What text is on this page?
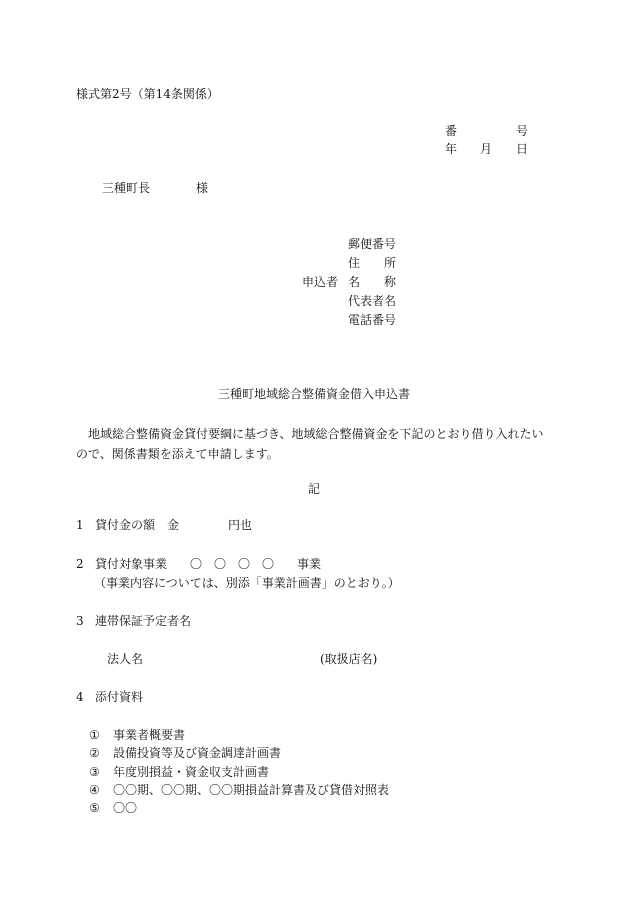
様式第2号（第14条関係）
番	号
年 月 日
三種町長	様
郵便番号
住 所
申込者 名 称
代表者名
電話番号
三種町地域総合整備資金借入申込書
地域総合整備資金貸付要綱に基づき、地域総合整備資金を下記のとおり借り入れたいので、関係書類を添えて申請します。
記
1 貸付金の額 金	円也
2 貸付対象事業 〇　〇　〇　〇 事業
（事業内容については、別添「事業計画書」のとおり。）
3 連帯保証予定者名
法人名	(取扱店名)
4 添付資料
① 事業者概要書
② 設備投資等及び資金調達計画書
③ 年度別損益・資金収支計画書
④ 〇〇期、〇〇期、〇〇期損益計算書及び貸借対照表
⑤ 〇〇
